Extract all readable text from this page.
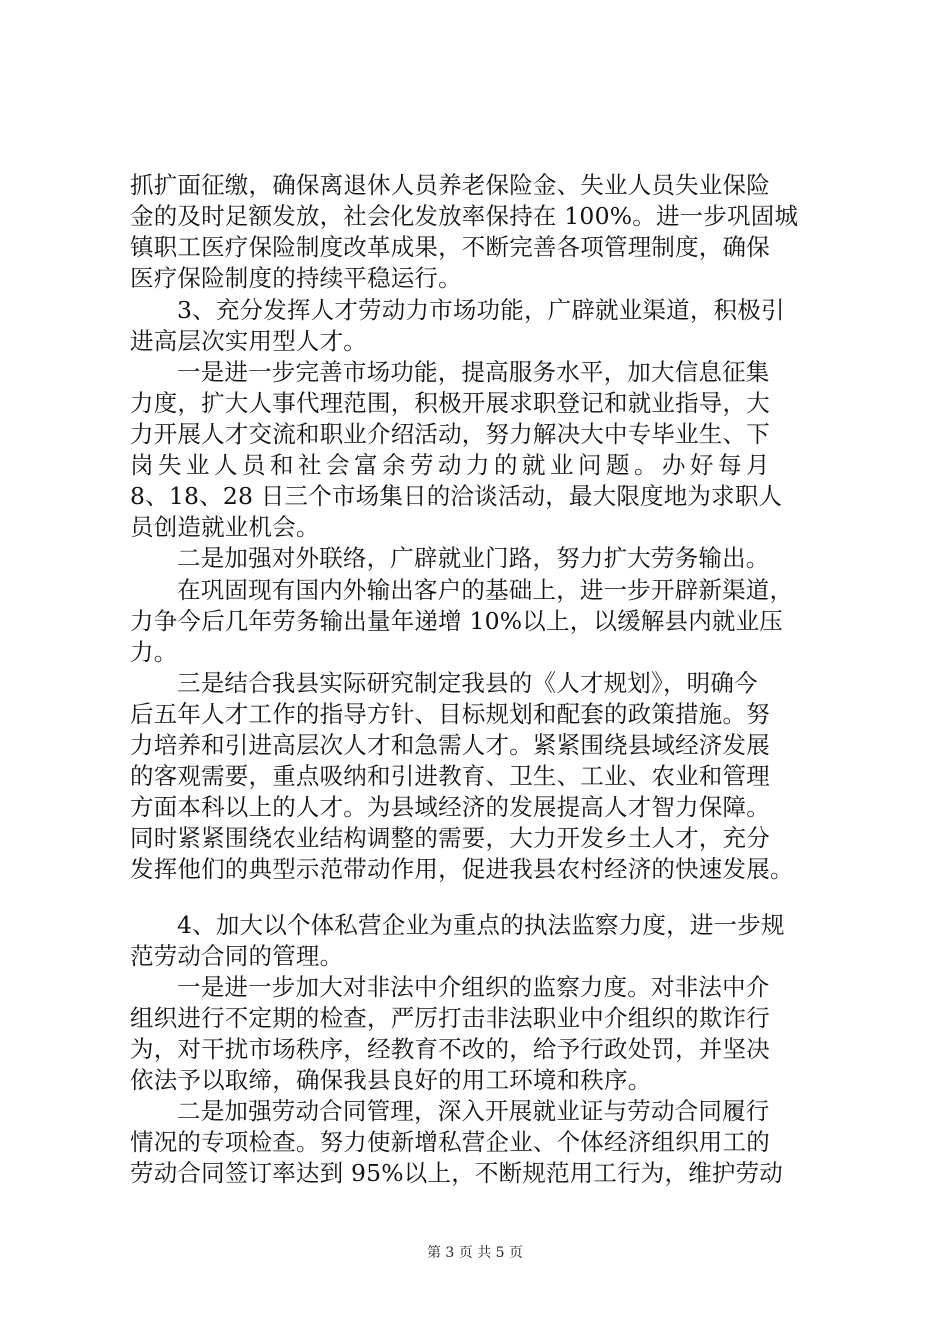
抓扩面征缴，确保离退休人员养老保险金、失业人员失业保险
金的及时足额发放，社会化发放率保持在 100%。进一步巩固城
镇职工医疗保险制度改革成果，不断完善各项管理制度，确保
医疗保险制度的持续平稳运行。
3、充分发挥人才劳动力市场功能，广辟就业渠道，积极引
进高层次实用型人才。
一是进一步完善市场功能，提高服务水平，加大信息征集
力度，扩大人事代理范围，积极开展求职登记和就业指导，大
力开展人才交流和职业介绍活动，努力解决大中专毕业生、下
岗失业人员和社会富余劳动力的就业问题。办好每月
8、18、28 日三个市场集日的洽谈活动，最大限度地为求职人
员创造就业机会。
二是加强对外联络，广辟就业门路，努力扩大劳务输出。
在巩固现有国内外输出客户的基础上，进一步开辟新渠道，
力争今后几年劳务输出量年递增 10%以上，以缓解县内就业压
力。
三是结合我县实际研究制定我县的《人才规划》，明确今
后五年人才工作的指导方针、目标规划和配套的政策措施。努
力培养和引进高层次人才和急需人才。紧紧围绕县域经济发展
的客观需要，重点吸纳和引进教育、卫生、工业、农业和管理
方面本科以上的人才。为县域经济的发展提高人才智力保障。
同时紧紧围绕农业结构调整的需要，大力开发乡土人才，充分
发挥他们的典型示范带动作用，促进我县农村经济的快速发展。
4、加大以个体私营企业为重点的执法监察力度，进一步规
范劳动合同的管理。
一是进一步加大对非法中介组织的监察力度。对非法中介
组织进行不定期的检查，严厉打击非法职业中介组织的欺诈行
为，对干扰市场秩序，经教育不改的，给予行政处罚，并坚决
依法予以取缔，确保我县良好的用工环境和秩序。
二是加强劳动合同管理，深入开展就业证与劳动合同履行
情况的专项检查。努力使新增私营企业、个体经济组织用工的
劳动合同签订率达到 95%以上，不断规范用工行为，维护劳动
第 3 页 共 5 页
